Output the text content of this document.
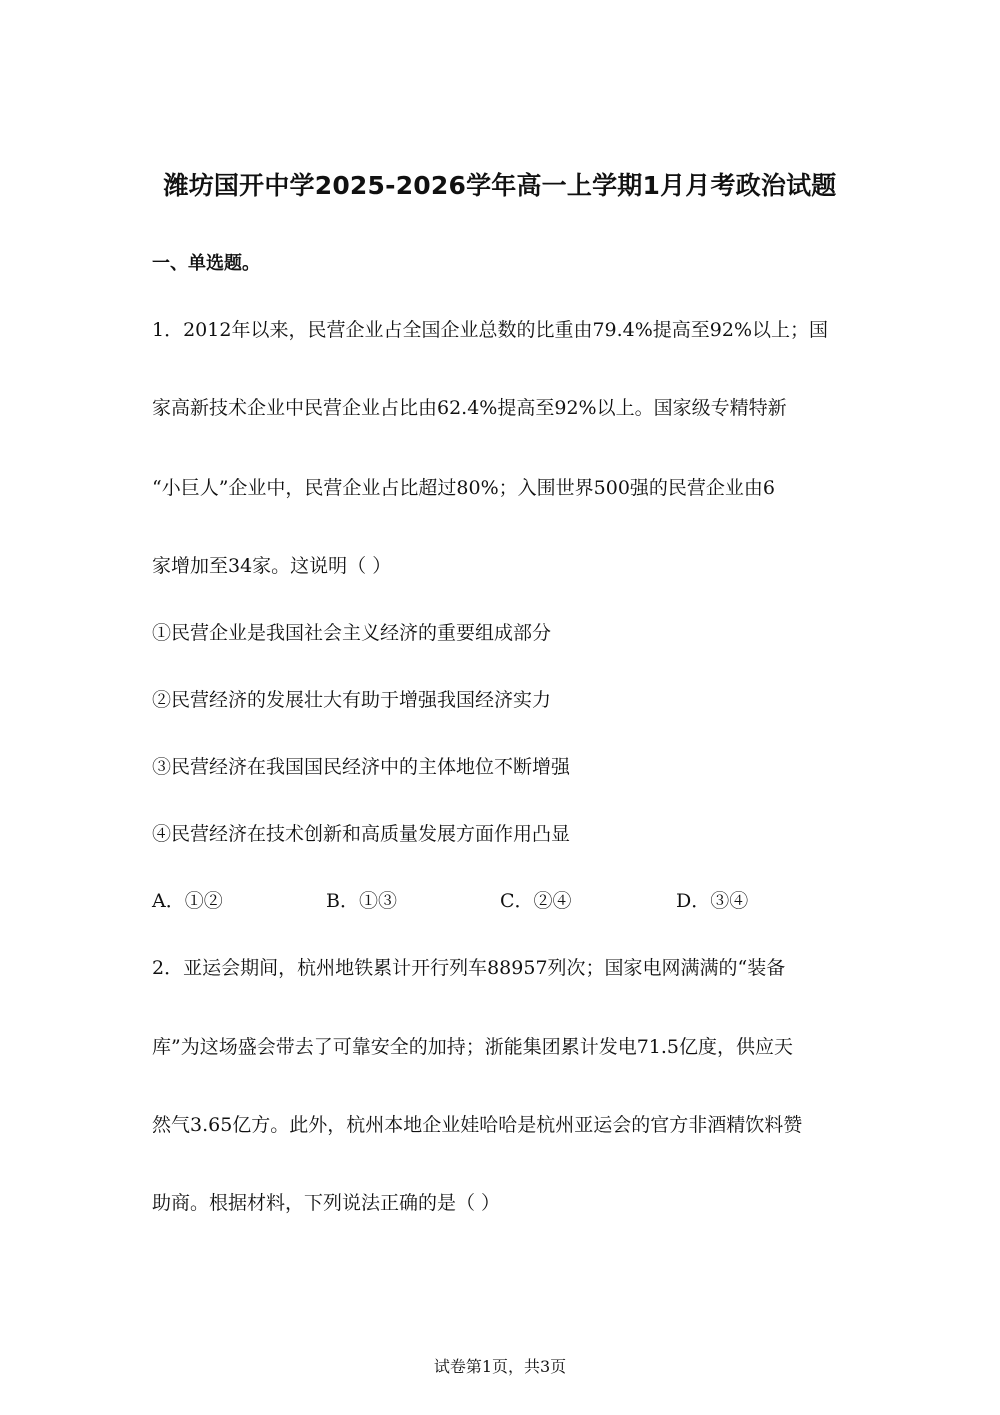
潍坊国开中学2025-2026学年高一上学期1月月考政治试题
一、单选题。
1．2012年以来，民营企业占全国企业总数的比重由79.4%提高至92%以上；国
家高新技术企业中民营企业占比由62.4%提高至92%以上。国家级专精特新
“小巨人”企业中，民营企业占比超过80%；入围世界500强的民营企业由6
家增加至34家。这说明（ ）
①民营企业是我国社会主义经济的重要组成部分
②民营经济的发展壮大有助于增强我国经济实力
③民营经济在我国国民经济中的主体地位不断增强
④民营经济在技术创新和高质量发展方面作用凸显
A．①②	B．①③	C．②④	D．③④
2．亚运会期间，杭州地铁累计开行列车88957列次；国家电网满满的“装备
库”为这场盛会带去了可靠安全的加持；浙能集团累计发电71.5亿度，供应天
然气3.65亿方。此外，杭州本地企业娃哈哈是杭州亚运会的官方非酒精饮料赞
助商。根据材料，下列说法正确的是（ ）
试卷第1页，共3页
